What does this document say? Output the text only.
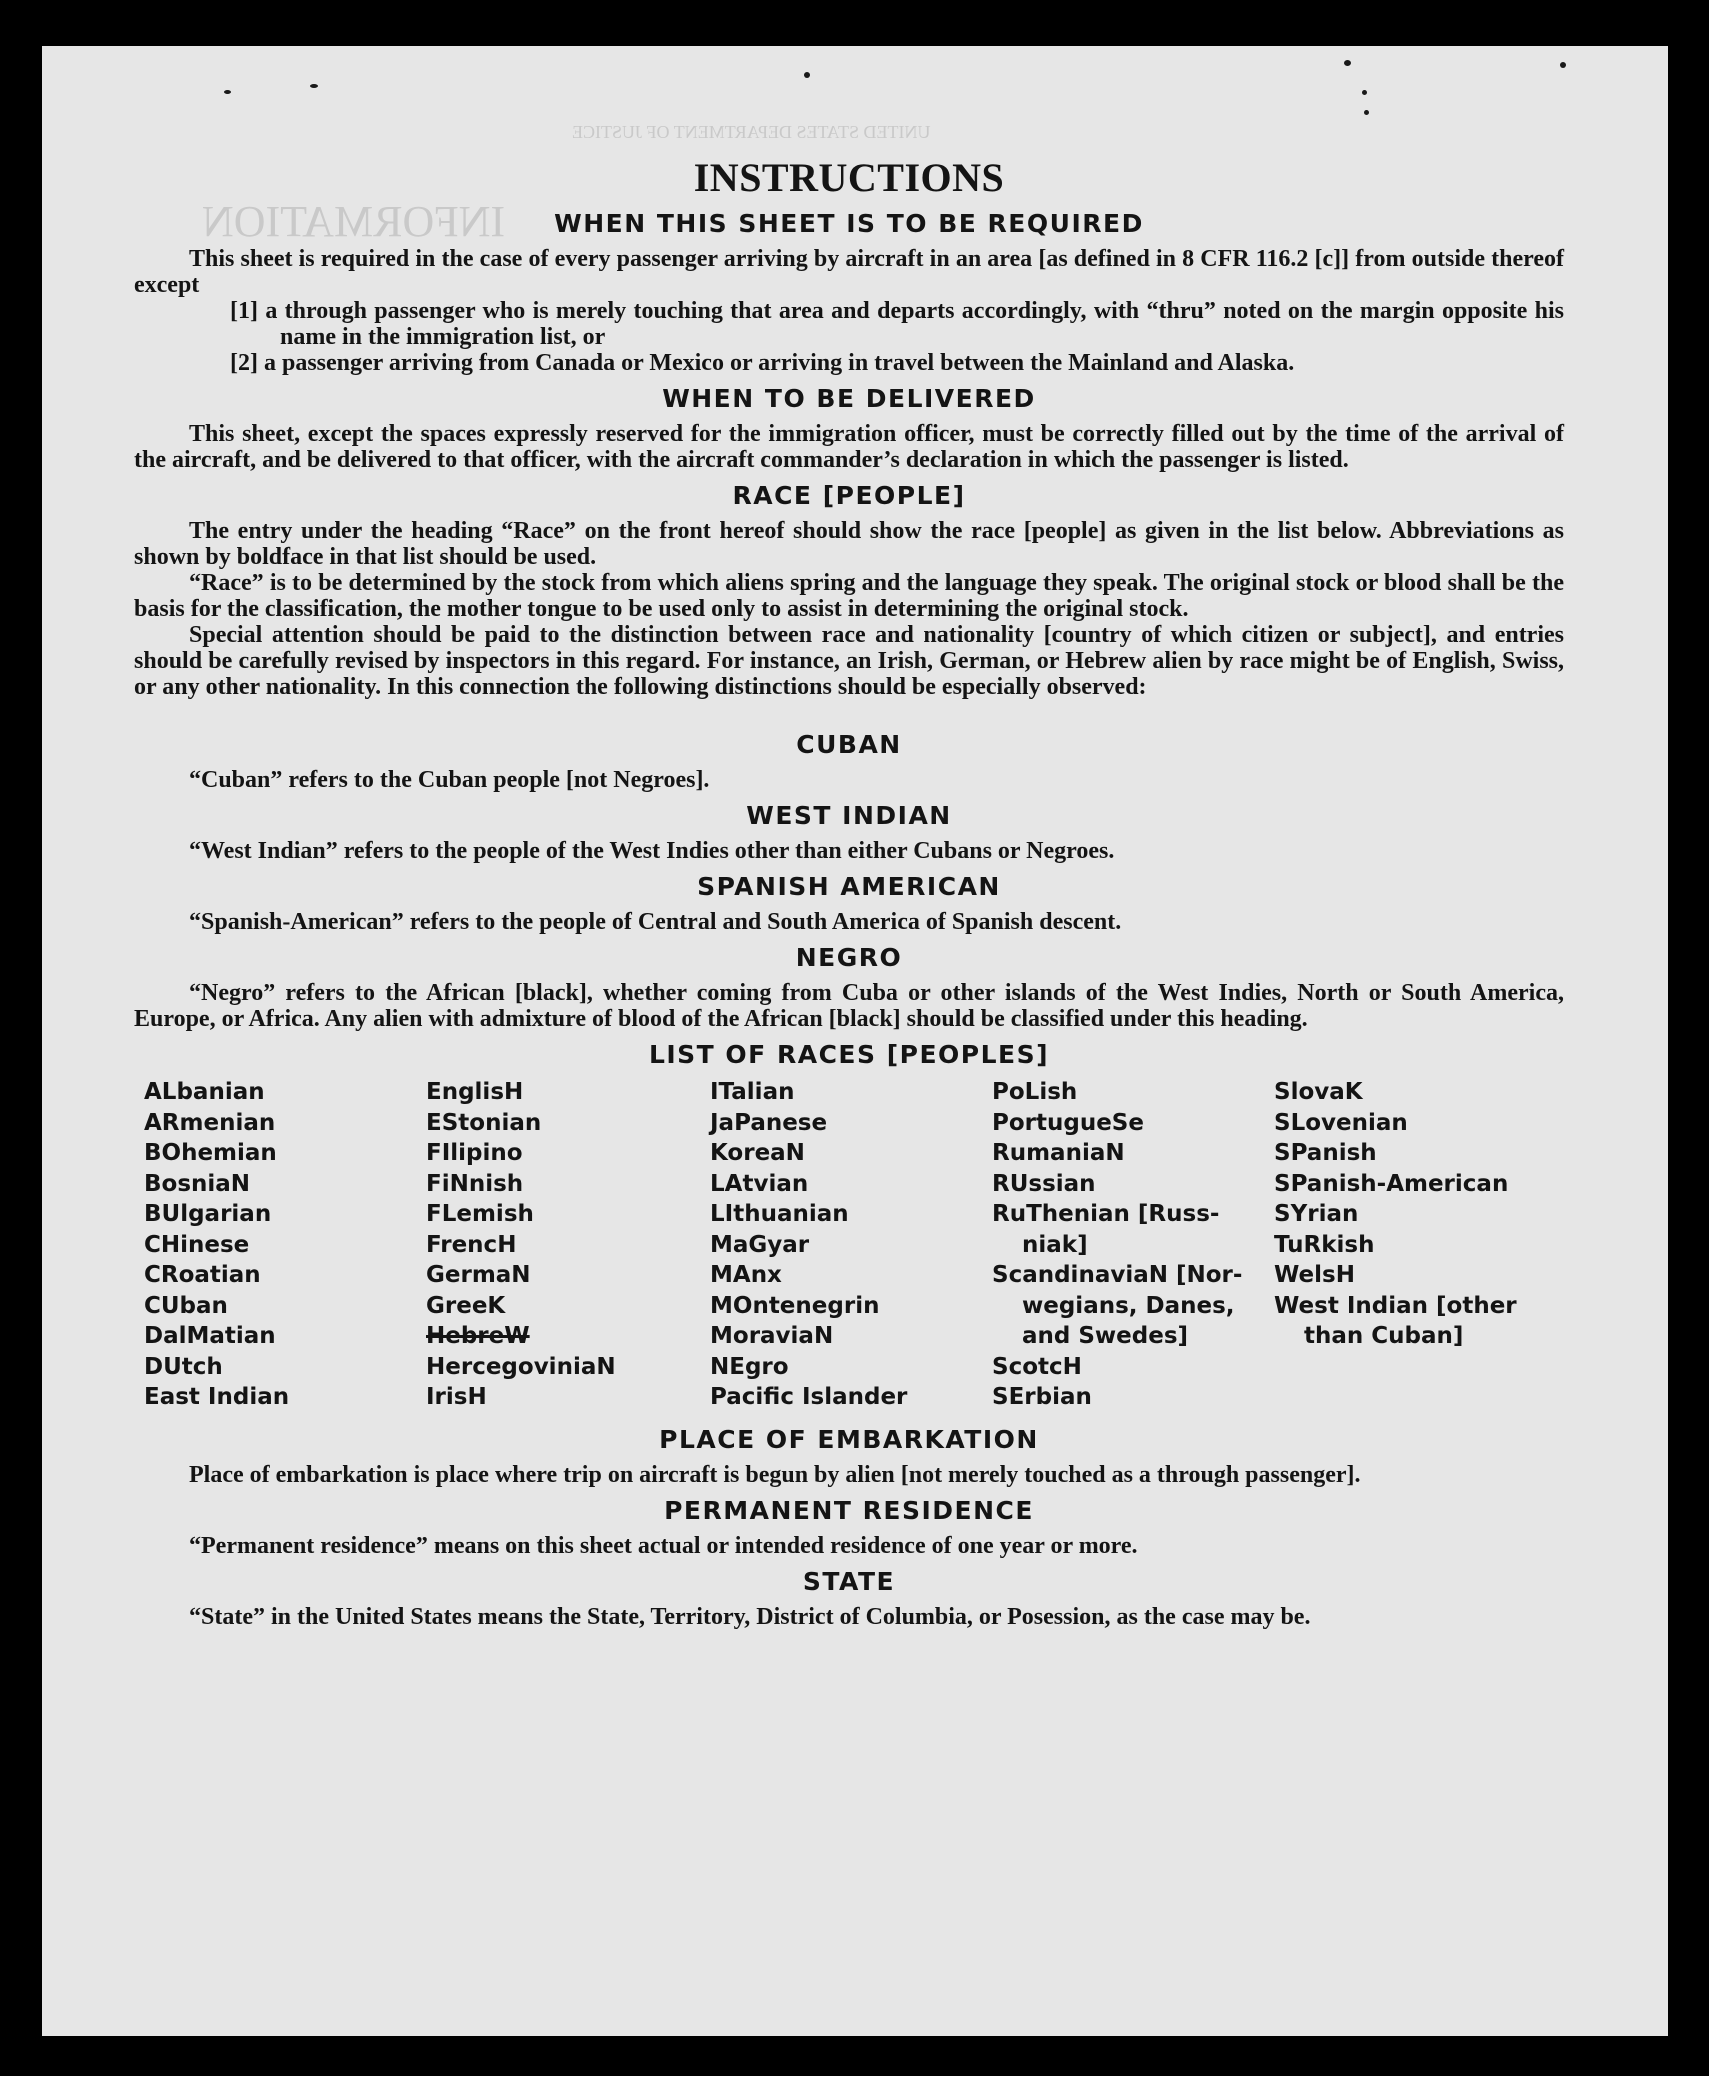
INFORMATION
UNITED STATES DEPARTMENT OF JUSTICE
INSTRUCTIONS
WHEN THIS SHEET IS TO BE REQUIRED

This sheet is required in the case of every passenger arriving by aircraft in an area [as defined in 8 CFR 116.2 [c]] from outside thereof except

[1] a through passenger who is merely touching that area and departs accordingly, with “thru” noted on the margin opposite his name in the immigration list, or

[2] a passenger arriving from Canada or Mexico or arriving in travel between the Mainland and Alaska.

WHEN TO BE DELIVERED

This sheet, except the spaces expressly reserved for the immigration officer, must be correctly filled out by the time of the arrival of the aircraft, and be delivered to that officer, with the aircraft commander’s declaration in which the passenger is listed.

RACE [PEOPLE]

The entry under the heading “Race” on the front hereof should show the race [people] as given in the list below. Abbreviations as shown by boldface in that list should be used.

“Race” is to be determined by the stock from which aliens spring and the language they speak. The original stock or blood shall be the basis for the classification, the mother tongue to be used only to assist in determining the original stock.

Special attention should be paid to the distinction between race and nationality [country of which citizen or subject], and entries should be carefully revised by inspectors in this regard. For instance, an Irish, German, or Hebrew alien by race might be of English, Swiss, or any other nationality. In this connection the following distinctions should be especially observed:

CUBAN

“Cuban” refers to the Cuban people [not Negroes].

WEST INDIAN

“West Indian” refers to the people of the West Indies other than either Cubans or Negroes.

SPANISH AMERICAN

“Spanish-American” refers to the people of Central and South America of Spanish descent.

NEGRO

“Negro” refers to the African [black], whether coming from Cuba or other islands of the West Indies, North or South America, Europe, or Africa. Any alien with admixture of blood of the African [black] should be classified under this heading.

LIST OF RACES [PEOPLES]
ALbanian
ARmenian
BOhemian
BosniaN
BUlgarian
CHinese
CRoatian
CUban
DalMatian
DUtch
East Indian
EnglisH
EStonian
FIlipino
FiNnish
FLemish
FrencH
GermaN
GreeK
HebreW
HercegoviniaN
IrisH
ITalian
JaPanese
KoreaN
LAtvian
LIthuanian
MaGyar
MAnx
MOntenegrin
MoraviaN
NEgro
Pacific Islander
PoLish
PortugueSe
RumaniaN
RUssian
RuThenian [Russ-
niak]
ScandinaviaN [Nor-
wegians, Danes,
and Swedes]
ScotcH
SErbian
SlovaK
SLovenian
SPanish
SPanish-American
SYrian
TuRkish
WelsH
West Indian [other
than Cuban]
PLACE OF EMBARKATION

Place of embarkation is place where trip on aircraft is begun by alien [not merely touched as a through passenger].

PERMANENT RESIDENCE

“Permanent residence” means on this sheet actual or intended residence of one year or more.

STATE

“State” in the United States means the State, Territory, District of Columbia, or Posession, as the case may be.
